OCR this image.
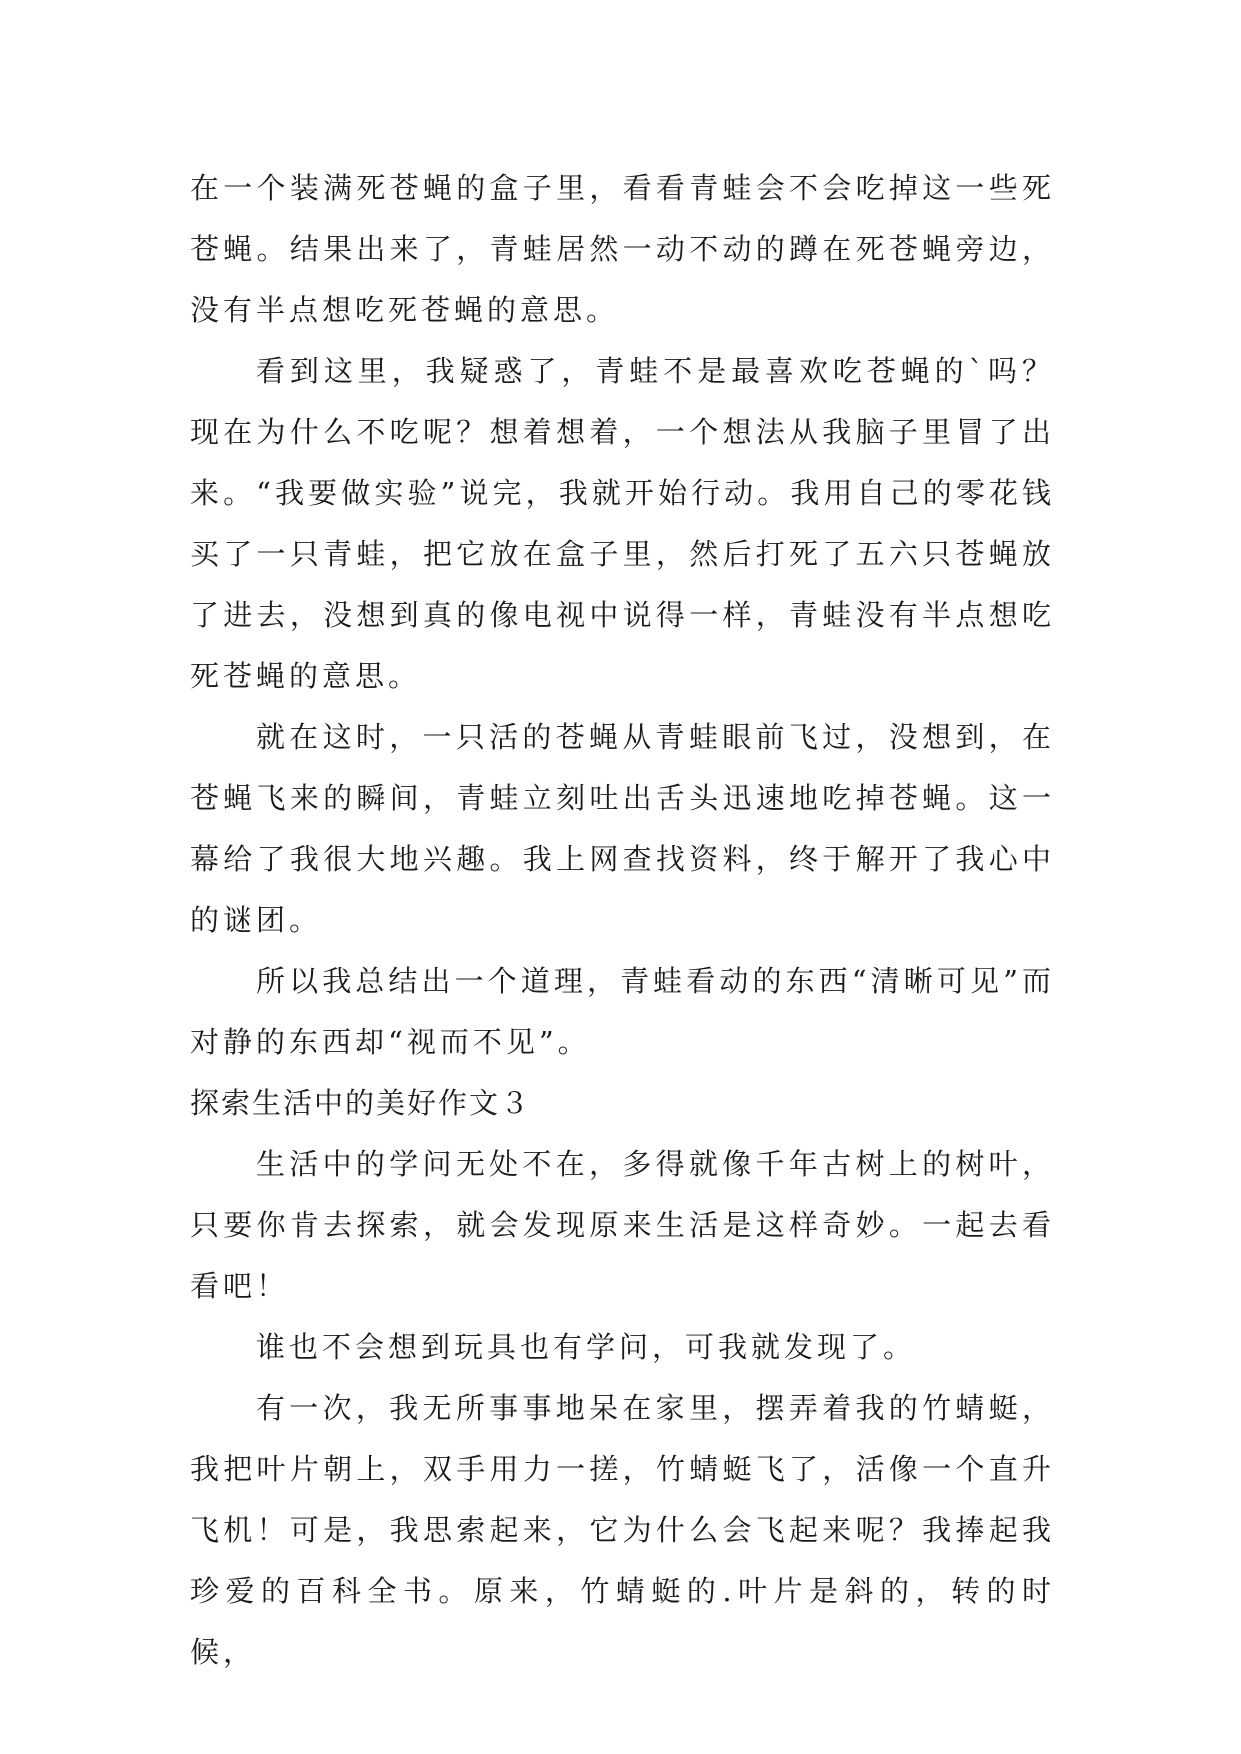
在一个装满死苍蝇的盒子里，看看青蛙会不会吃掉这一些死苍蝇。结果出来了，青蛙居然一动不动的蹲在死苍蝇旁边，没有半点想吃死苍蝇的意思。

看到这里，我疑惑了，青蛙不是最喜欢吃苍蝇的`吗？现在为什么不吃呢？想着想着，一个想法从我脑子里冒了出来。“我要做实验”说完，我就开始行动。我用自己的零花钱买了一只青蛙，把它放在盒子里，然后打死了五六只苍蝇放了进去，没想到真的像电视中说得一样，青蛙没有半点想吃死苍蝇的意思。

就在这时，一只活的苍蝇从青蛙眼前飞过，没想到，在苍蝇飞来的瞬间，青蛙立刻吐出舌头迅速地吃掉苍蝇。这一幕给了我很大地兴趣。我上网查找资料，终于解开了我心中的谜团。

所以我总结出一个道理，青蛙看动的东西“清晰可见”而对静的东西却“视而不见”。

探索生活中的美好作文３

生活中的学问无处不在，多得就像千年古树上的树叶，只要你肯去探索，就会发现原来生活是这样奇妙。一起去看看吧！

谁也不会想到玩具也有学问，可我就发现了。

有一次，我无所事事地呆在家里，摆弄着我的竹蜻蜓，我把叶片朝上，双手用力一搓，竹蜻蜓飞了，活像一个直升飞机！可是，我思索起来，它为什么会飞起来呢？我捧起我珍爱的百科全书。原来，竹蜻蜓的.叶片是斜的，转的时候，
